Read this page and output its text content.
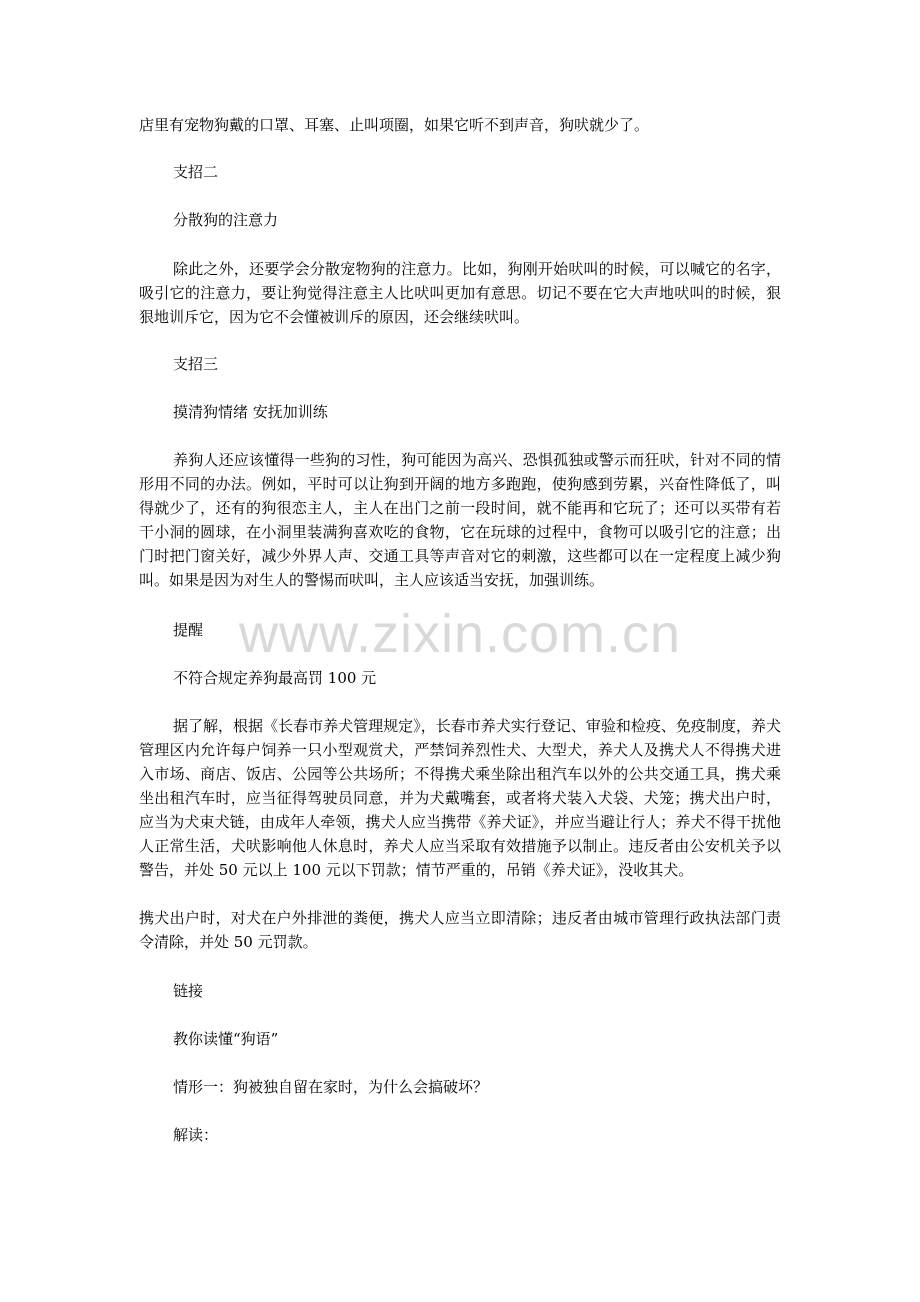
www.zixin.com.cn

店里有宠物狗戴的口罩、耳塞、止叫项圈，如果它听不到声音，狗吠就少了。

支招二

分散狗的注意力

除此之外，还要学会分散宠物狗的注意力。比如，狗刚开始吠叫的时候，可以喊它的名字，吸引它的注意力，要让狗觉得注意主人比吠叫更加有意思。切记不要在它大声地吠叫的时候，狠狠地训斥它，因为它不会懂被训斥的原因，还会继续吠叫。

支招三

摸清狗情绪 安抚加训练

养狗人还应该懂得一些狗的习性，狗可能因为高兴、恐惧孤独或警示而狂吠，针对不同的情形用不同的办法。例如，平时可以让狗到开阔的地方多跑跑，使狗感到劳累，兴奋性降低了，叫得就少了，还有的狗很恋主人，主人在出门之前一段时间，就不能再和它玩了；还可以买带有若干小洞的圆球，在小洞里装满狗喜欢吃的食物，它在玩球的过程中，食物可以吸引它的注意；出门时把门窗关好，减少外界人声、交通工具等声音对它的刺激，这些都可以在一定程度上减少狗叫。如果是因为对生人的警惕而吠叫，主人应该适当安抚，加强训练。

提醒

不符合规定养狗最高罚 100 元

据了解，根据《长春市养犬管理规定》，长春市养犬实行登记、审验和检疫、免疫制度，养犬管理区内允许每户饲养一只小型观赏犬，严禁饲养烈性犬、大型犬，养犬人及携犬人不得携犬进入市场、商店、饭店、公园等公共场所；不得携犬乘坐除出租汽车以外的公共交通工具，携犬乘坐出租汽车时，应当征得驾驶员同意，并为犬戴嘴套，或者将犬装入犬袋、犬笼；携犬出户时，应当为犬束犬链，由成年人牵领，携犬人应当携带《养犬证》，并应当避让行人；养犬不得干扰他人正常生活，犬吠影响他人休息时，养犬人应当采取有效措施予以制止。违反者由公安机关予以警告，并处 50 元以上 100 元以下罚款；情节严重的，吊销《养犬证》，没收其犬。

携犬出户时，对犬在户外排泄的粪便，携犬人应当立即清除；违反者由城市管理行政执法部门责令清除，并处 50 元罚款。

链接

教你读懂“狗语”

情形一：狗被独自留在家时，为什么会搞破坏？

解读：
